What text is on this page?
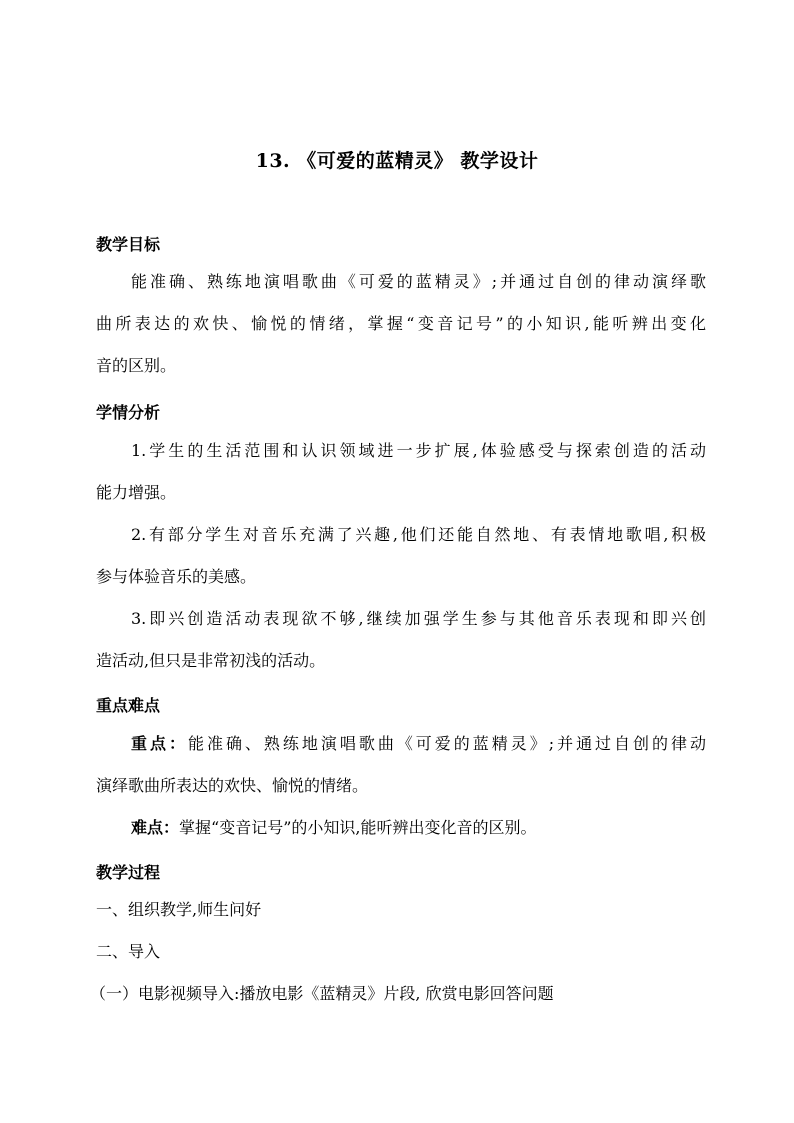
13. 《可爱的蓝精灵》 教学设计
教学目标
能准确、熟练地演唱歌曲《可爱的蓝精灵》;并通过自创的律动演绎歌
曲所表达的欢快、愉悦的情绪，掌握“变音记号”的小知识,能听辨出变化
音的区别。
学情分析
1.学生的生活范围和认识领域进一步扩展,体验感受与探索创造的活动
能力增强。
2.有部分学生对音乐充满了兴趣,他们还能自然地、有表情地歌唱,积极
参与体验音乐的美感。
3.即兴创造活动表现欲不够,继续加强学生参与其他音乐表现和即兴创
造活动,但只是非常初浅的活动。
重点难点
重点：能准确、熟练地演唱歌曲《可爱的蓝精灵》;并通过自创的律动
演绎歌曲所表达的欢快、愉悦的情绪。
难点：掌握“变音记号”的小知识,能听辨出变化音的区别。
教学过程
一、组织教学,师生问好
二、导入
（一）电影视频导入:播放电影《蓝精灵》片段, 欣赏电影回答问题
